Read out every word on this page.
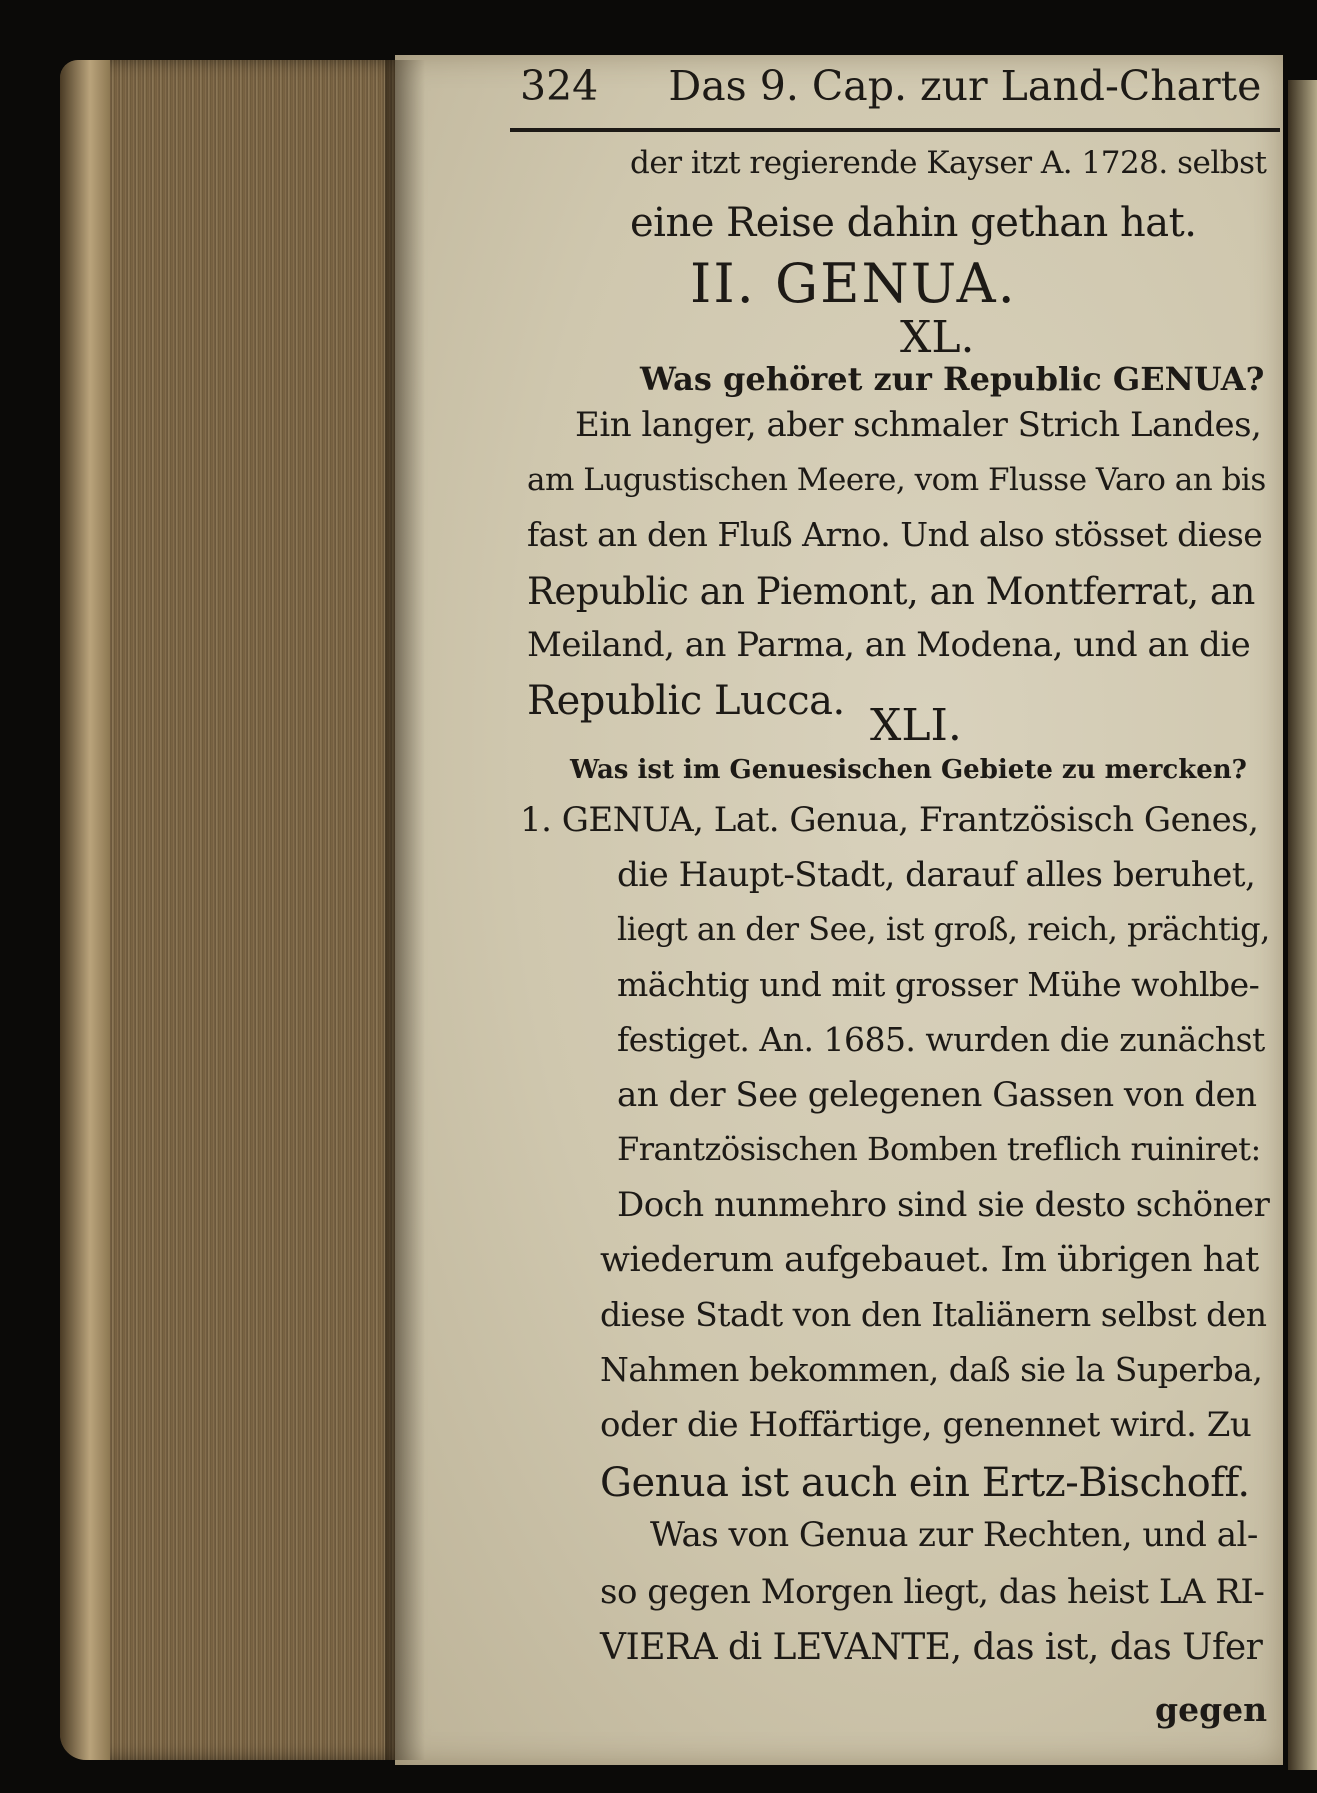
324 Das 9. Cap. zur Land-Charte
der itzt regierende Kayser A. 1728. selbst
eine Reise dahin gethan hat.
II. GENUA.
XL.
Was gehöret zur Republic GENUA?
Ein langer, aber schmaler Strich Landes,
am Lugustischen Meere, vom Flusse Varo an bis
fast an den Fluß Arno. Und also stösset diese
Republic an Piemont, an Montferrat, an
Meiland, an Parma, an Modena, und an die
Republic Lucca. XLI.
Was ist im Genuesischen Gebiete zu mercken?
1. GENUA, Lat. Genua, Frantzösisch Genes,
die Haupt-Stadt, darauf alles beruhet,
liegt an der See, ist groß, reich, prächtig,
mächtig und mit grosser Mühe wohlbe-
festiget. An. 1685. wurden die zunächst
an der See gelegenen Gassen von den
Frantzösischen Bomben treflich ruiniret:
Doch nunmehro sind sie desto schöner
wiederum aufgebauet. Im übrigen hat
diese Stadt von den Italiänern selbst den
Nahmen bekommen, daß sie la Superba,
oder die Hoffärtige, genennet wird. Zu
Genua ist auch ein Ertz-Bischoff.
Was von Genua zur Rechten, und al-
so gegen Morgen liegt, das heist LA RI-
VIERA di LEVANTE, das ist, das Ufer
gegen
